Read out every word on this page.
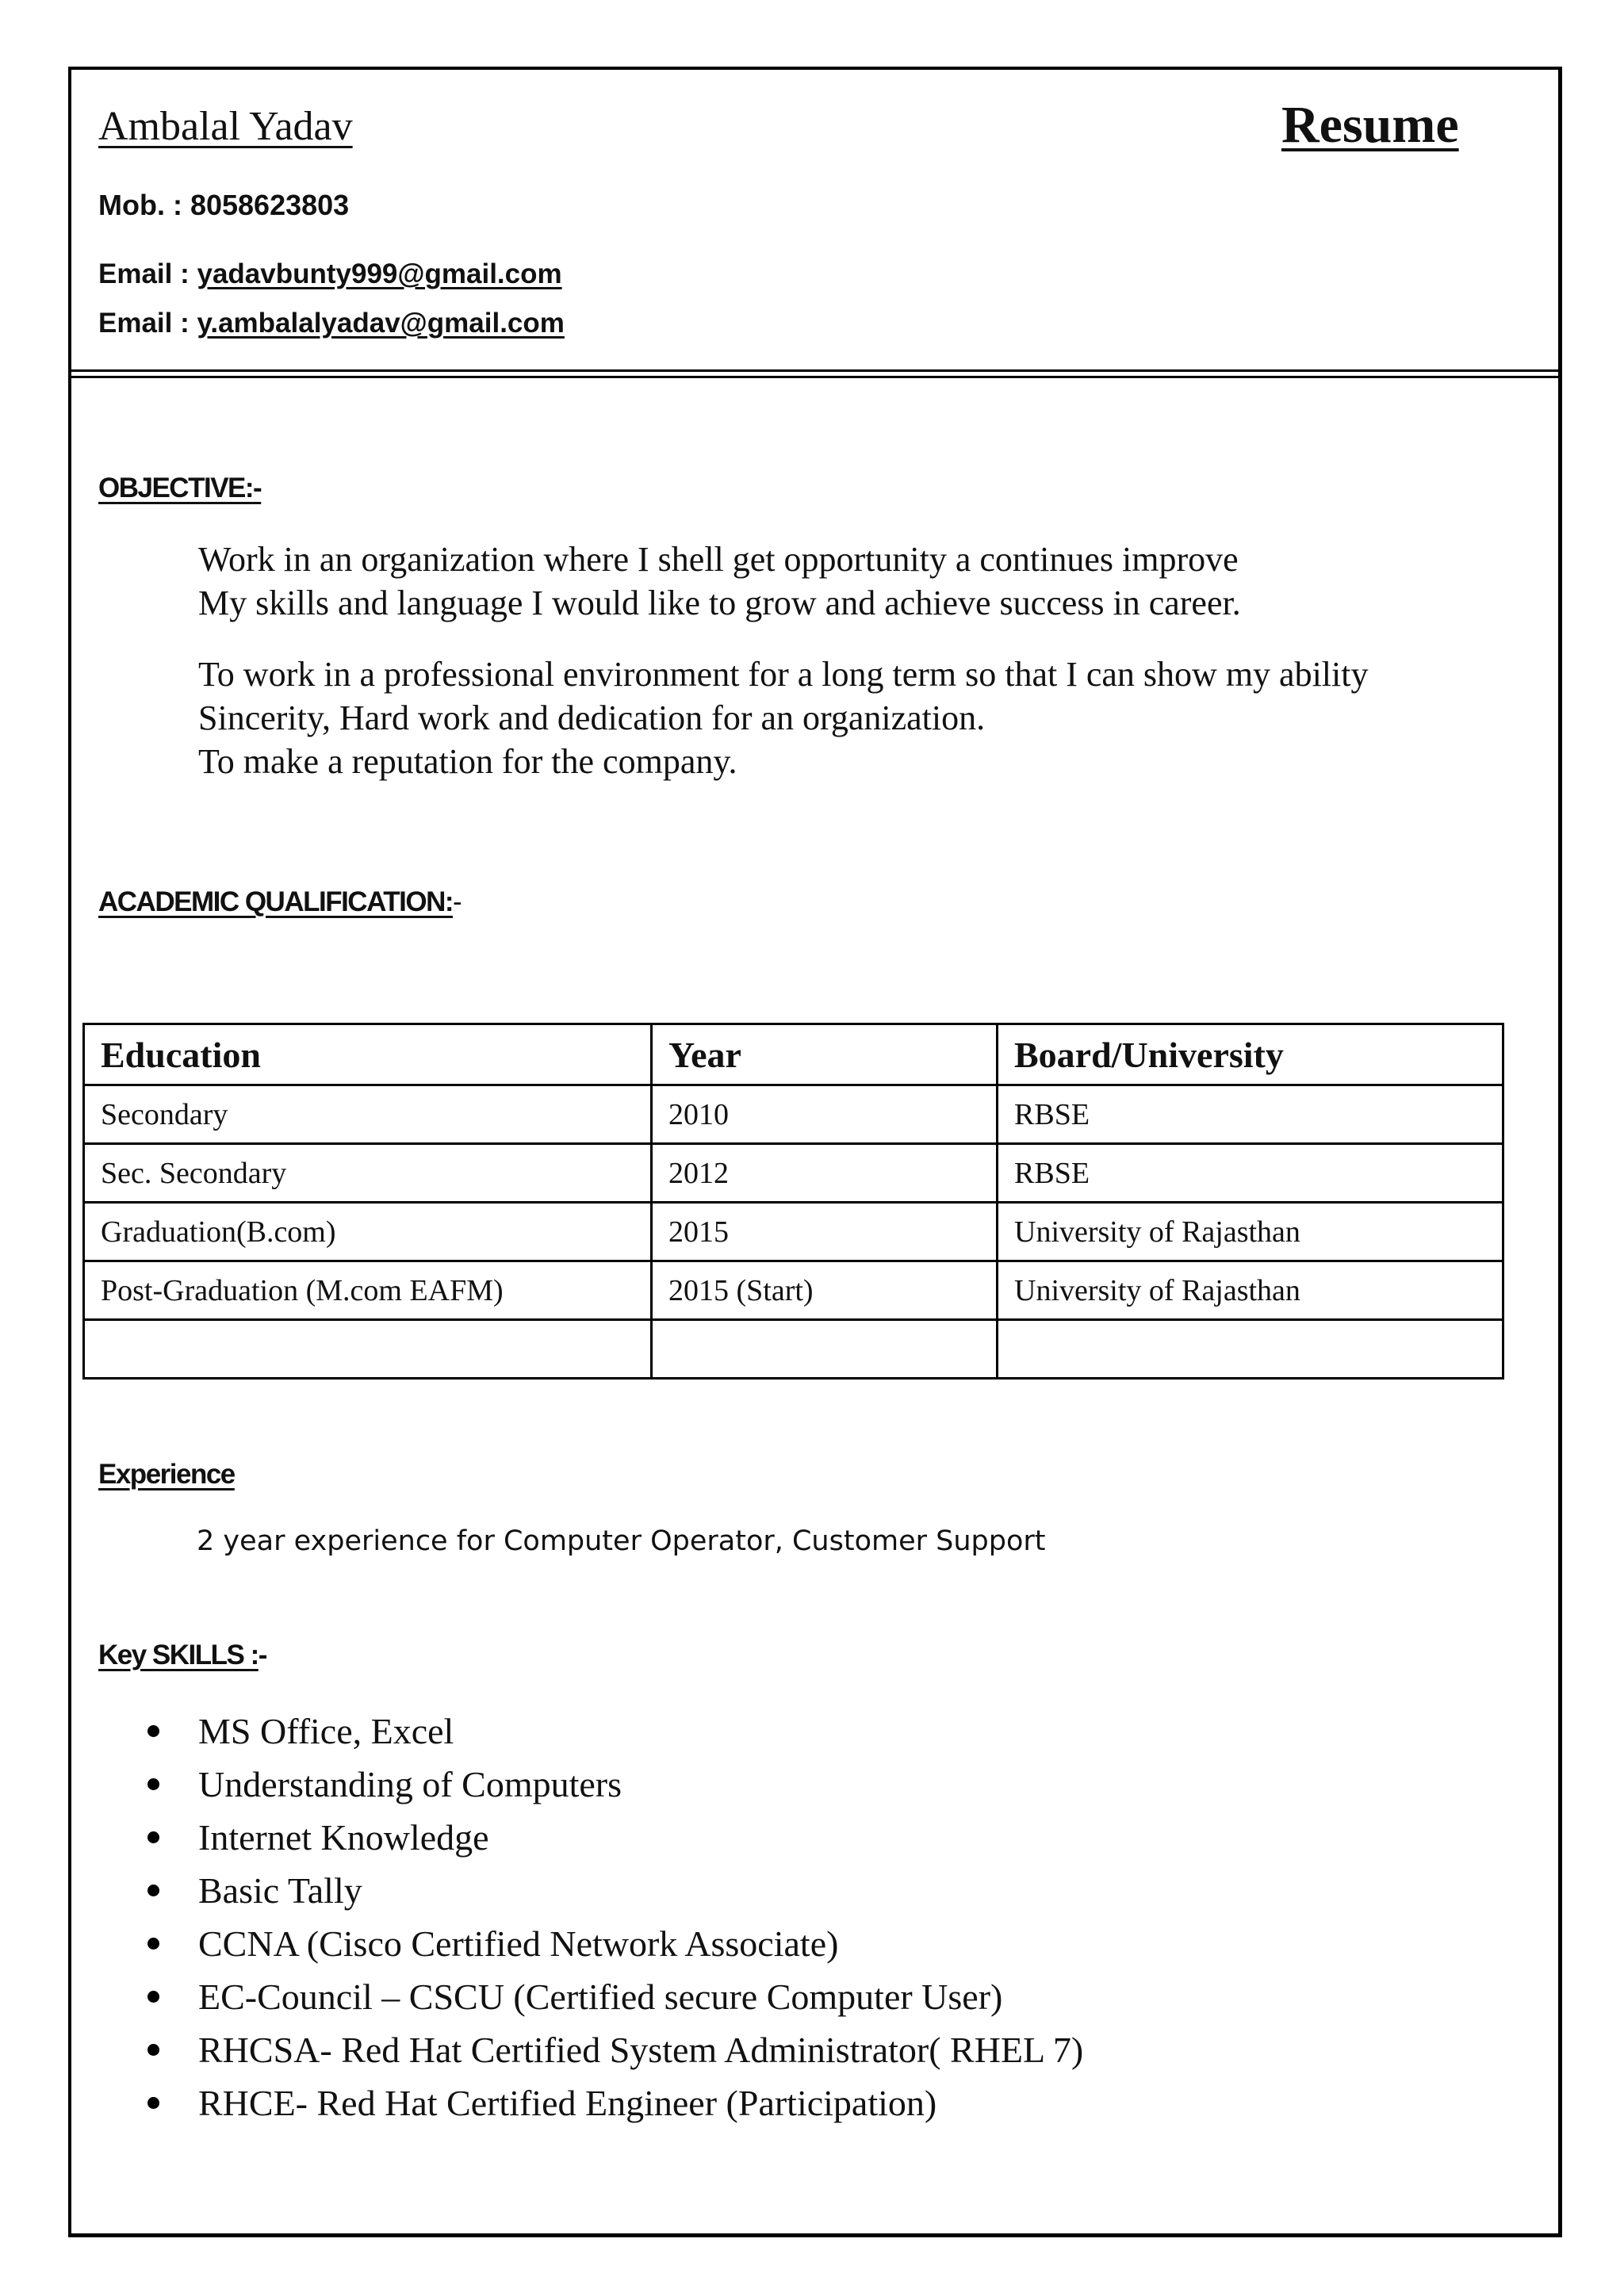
Ambalal Yadav	Resume
Mob. : 8058623803
Email : yadavbunty999@gmail.com
Email : y.ambalalyadav@gmail.com
OBJECTIVE:-
Work in an organization where I shell get opportunity a continues improve
My skills and language I would like to grow and achieve success in career.
To work in a professional environment for a long term so that I can show my ability
Sincerity, Hard work and dedication for an organization.
To make a reputation for the company.
ACADEMIC QUALIFICATION:-
Education	Year	Board/University
Secondary	2010	RBSE
Sec. Secondary	2012	RBSE
Graduation(B.com)	2015	University of Rajasthan
Post-Graduation (M.com EAFM)	2015 (Start)	University of Rajasthan

Experience
2 year experience for Computer Operator, Customer Support
Key SKILLS :-
MS Office, Excel
Understanding of Computers
Internet Knowledge
Basic Tally
CCNA (Cisco Certified Network Associate)
EC-Council – CSCU (Certified secure Computer User)
RHCSA- Red Hat Certified System Administrator( RHEL 7)
RHCE- Red Hat Certified Engineer (Participation)
